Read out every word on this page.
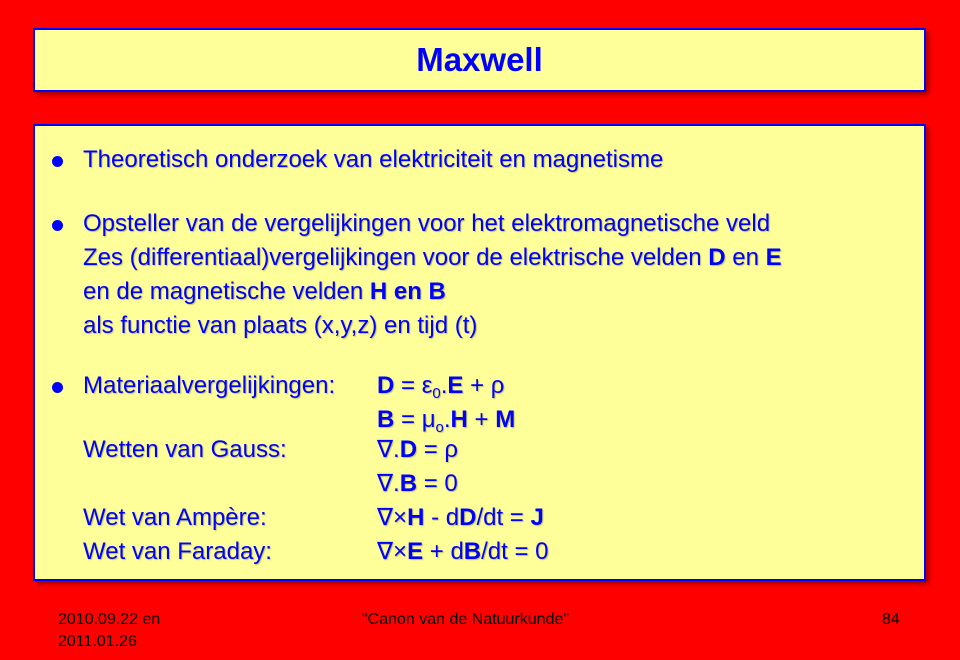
Maxwell
Theoretisch onderzoek van elektriciteit en magnetisme
Opsteller van de vergelijkingen voor het elektromagnetische veld
Zes (differentiaal)vergelijkingen voor de elektrische velden D en E
en de magnetische velden H en B
als functie van plaats (x,y,z) en tijd (t)
Materiaalvergelijkingen: $D = \varepsilon_0.E + \rho$
$B = \mu_o.H + M$
Wetten van Gauss:	∇.D = ρ
∇.B = 0
Wet van Ampère:	∇×H - dD/dt = J
Wet van Faraday:	∇×E + dB/dt = 0
2010.09.22 en
2011.01.26
"Canon van de Natuurkunde"	84
